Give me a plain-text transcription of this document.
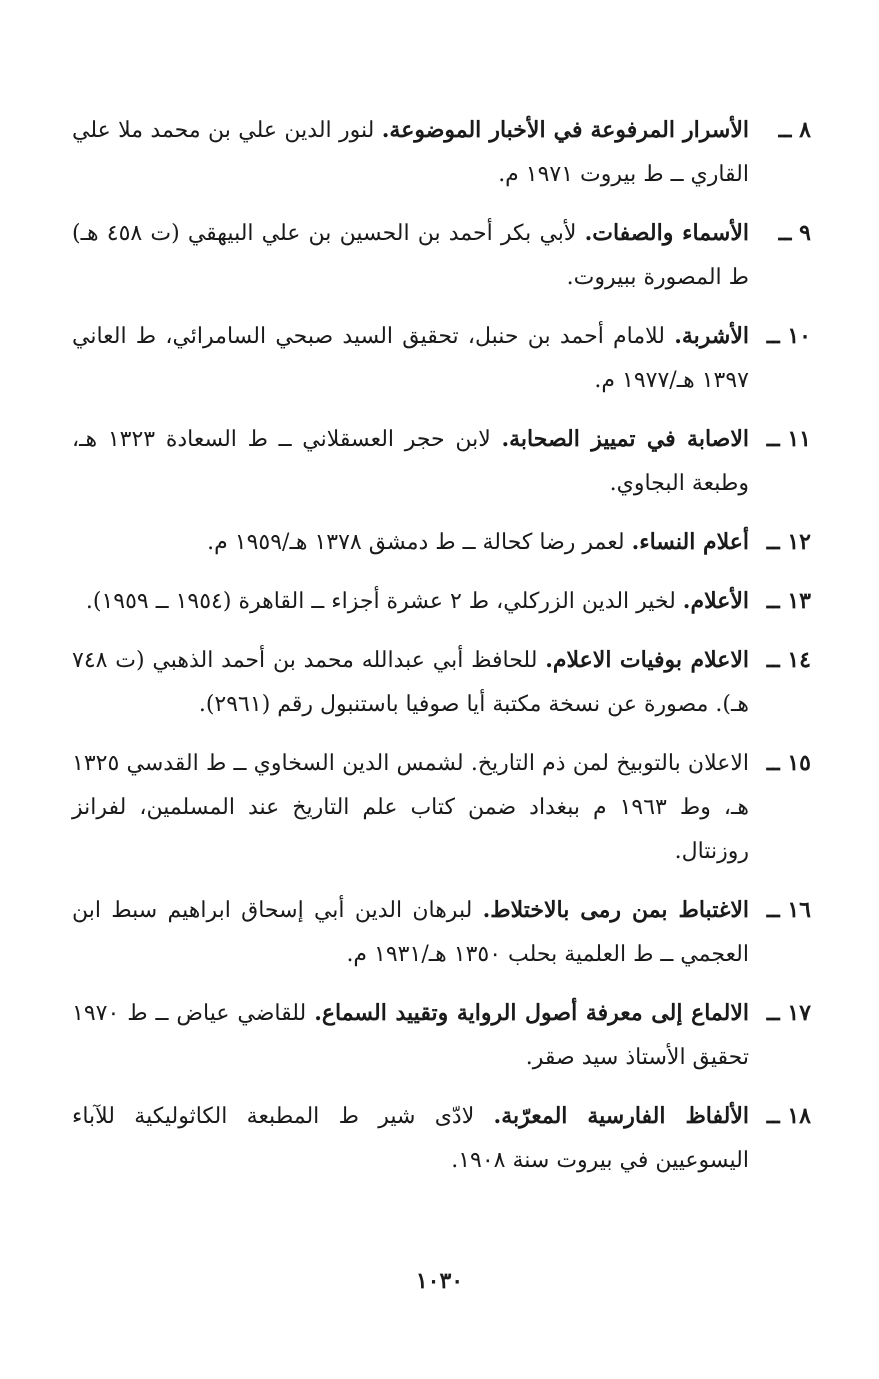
٨ ــ
الأسرار المرفوعة في الأخبار الموضوعة. لنور الدين علي بن محمد ملا علي القاري ــ ط بيروت ١٩٧١ م.
٩ ــ
الأسماء والصفات. لأبي بكر أحمد بن الحسين بن علي البيهقي (ت ٤٥٨ هـ) ط المصورة ببيروت.
١٠ ــ
الأشربة. للامام أحمد بن حنبل، تحقيق السيد صبحي السامرائي، ط العاني ١٣٩٧ هـ/١٩٧٧ م.
١١ ــ
الاصابة في تمييز الصحابة. لابن حجر العسقلاني ــ ط السعادة ١٣٢٣ هـ، وطبعة البجاوي.
١٢ ــ
أعلام النساء. لعمر رضا كحالة ــ ط دمشق ١٣٧٨ هـ/١٩٥٩ م.
١٣ ــ
الأعلام. لخير الدين الزركلي، ط ٢ عشرة أجزاء ــ القاهرة (١٩٥٤ ــ ١٩٥٩).
١٤ ــ
الاعلام بوفيات الاعلام. للحافظ أبي عبدالله محمد بن أحمد الذهبي (ت ٧٤٨ هـ). مصورة عن نسخة مكتبة أيا صوفيا باستنبول رقم (٢٩٦١).
١٥ ــ
الاعلان بالتوبيخ لمن ذم التاريخ. لشمس الدين السخاوي ــ ط القدسي ١٣٢٥ هـ، وط ١٩٦٣ م ببغداد ضمن كتاب علم التاريخ عند المسلمين، لفرانز روزنتال.
١٦ ــ
الاغتباط بمن رمى بالاختلاط. لبرهان الدين أبي إسحاق ابراهيم سبط ابن العجمي ــ ط العلمية بحلب ١٣٥٠ هـ/١٩٣١ م.
١٧ ــ
الالماع إلى معرفة أصول الرواية وتقييد السماع. للقاضي عياض ــ ط ١٩٧٠ تحقيق الأستاذ سيد صقر.
١٨ ــ
الألفاظ الفارسية المعرّبة. لادّى شير ط المطبعة الكاثوليكية للآباء اليسوعيين في بيروت سنة ١٩٠٨.
١٠٣٠
